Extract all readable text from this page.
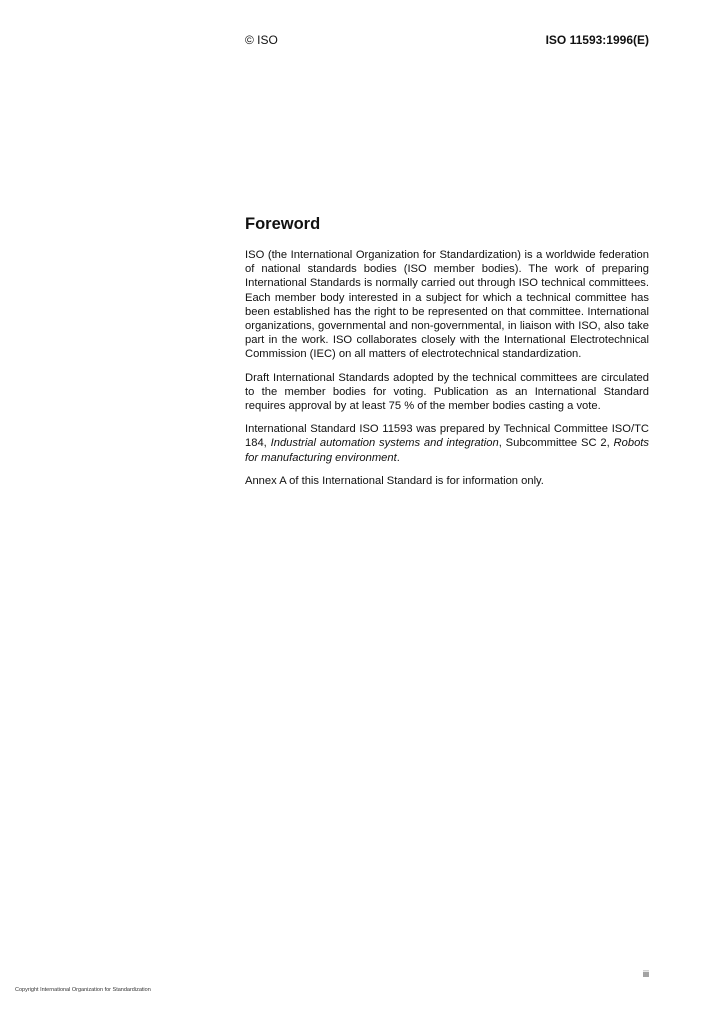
© ISO	ISO 11593:1996(E)
Foreword

ISO (the International Organization for Standardization) is a worldwide federation of national standards bodies (ISO member bodies). The work of preparing International Standards is normally carried out through ISO technical committees. Each member body interested in a subject for which a technical committee has been established has the right to be represented on that committee. International organizations, governmental and non-governmental, in liaison with ISO, also take part in the work. ISO collaborates closely with the International Electrotechnical Commission (IEC) on all matters of electrotechnical standardization.

Draft International Standards adopted by the technical committees are circulated to the member bodies for voting. Publication as an International Standard requires approval by at least 75 % of the member bodies casting a vote.

International Standard ISO 11593 was prepared by Technical Committee ISO/TC 184, Industrial automation systems and integration, Subcommittee SC 2, Robots for manufacturing environment.

Annex A of this International Standard is for information only.

iii
Copyright International Organization for Standardization
